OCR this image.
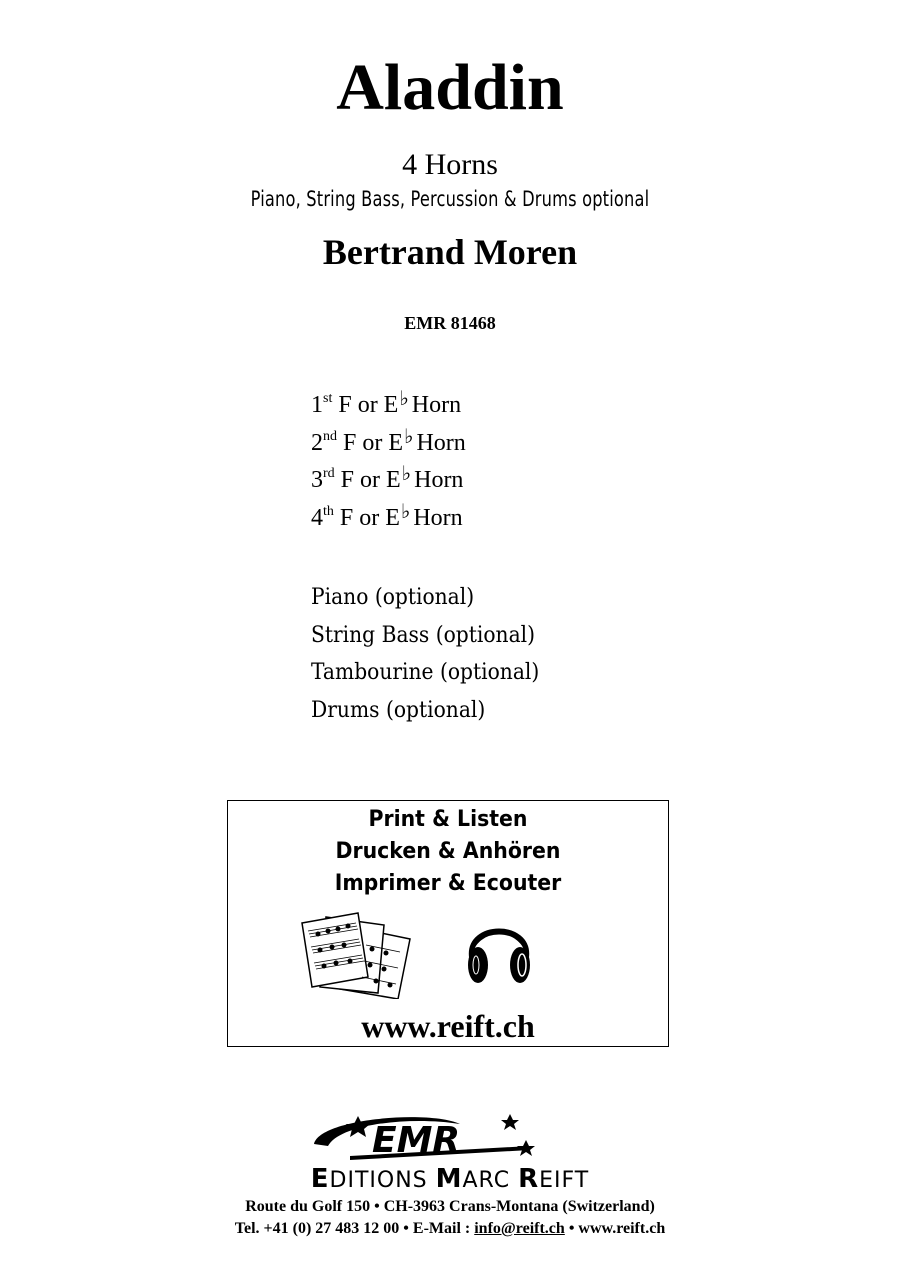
Aladdin
4 Horns
Piano, String Bass, Percussion & Drums optional
Bertrand Moren
EMR 81468
1st F or E♭ Horn
2nd F or E♭ Horn
3rd F or E♭ Horn
4th F or E♭ Horn
Piano (optional)
String Bass (optional)
Tambourine (optional)
Drums (optional)
Print & Listen
Drucken & Anhören
Imprimer & Ecouter
www.reift.ch
EMR
EDITIONS MARC REIFT
Route du Golf 150 • CH-3963 Crans-Montana (Switzerland)
Tel. +41 (0) 27 483 12 00 • E-Mail : info@reift.ch • www.reift.ch
